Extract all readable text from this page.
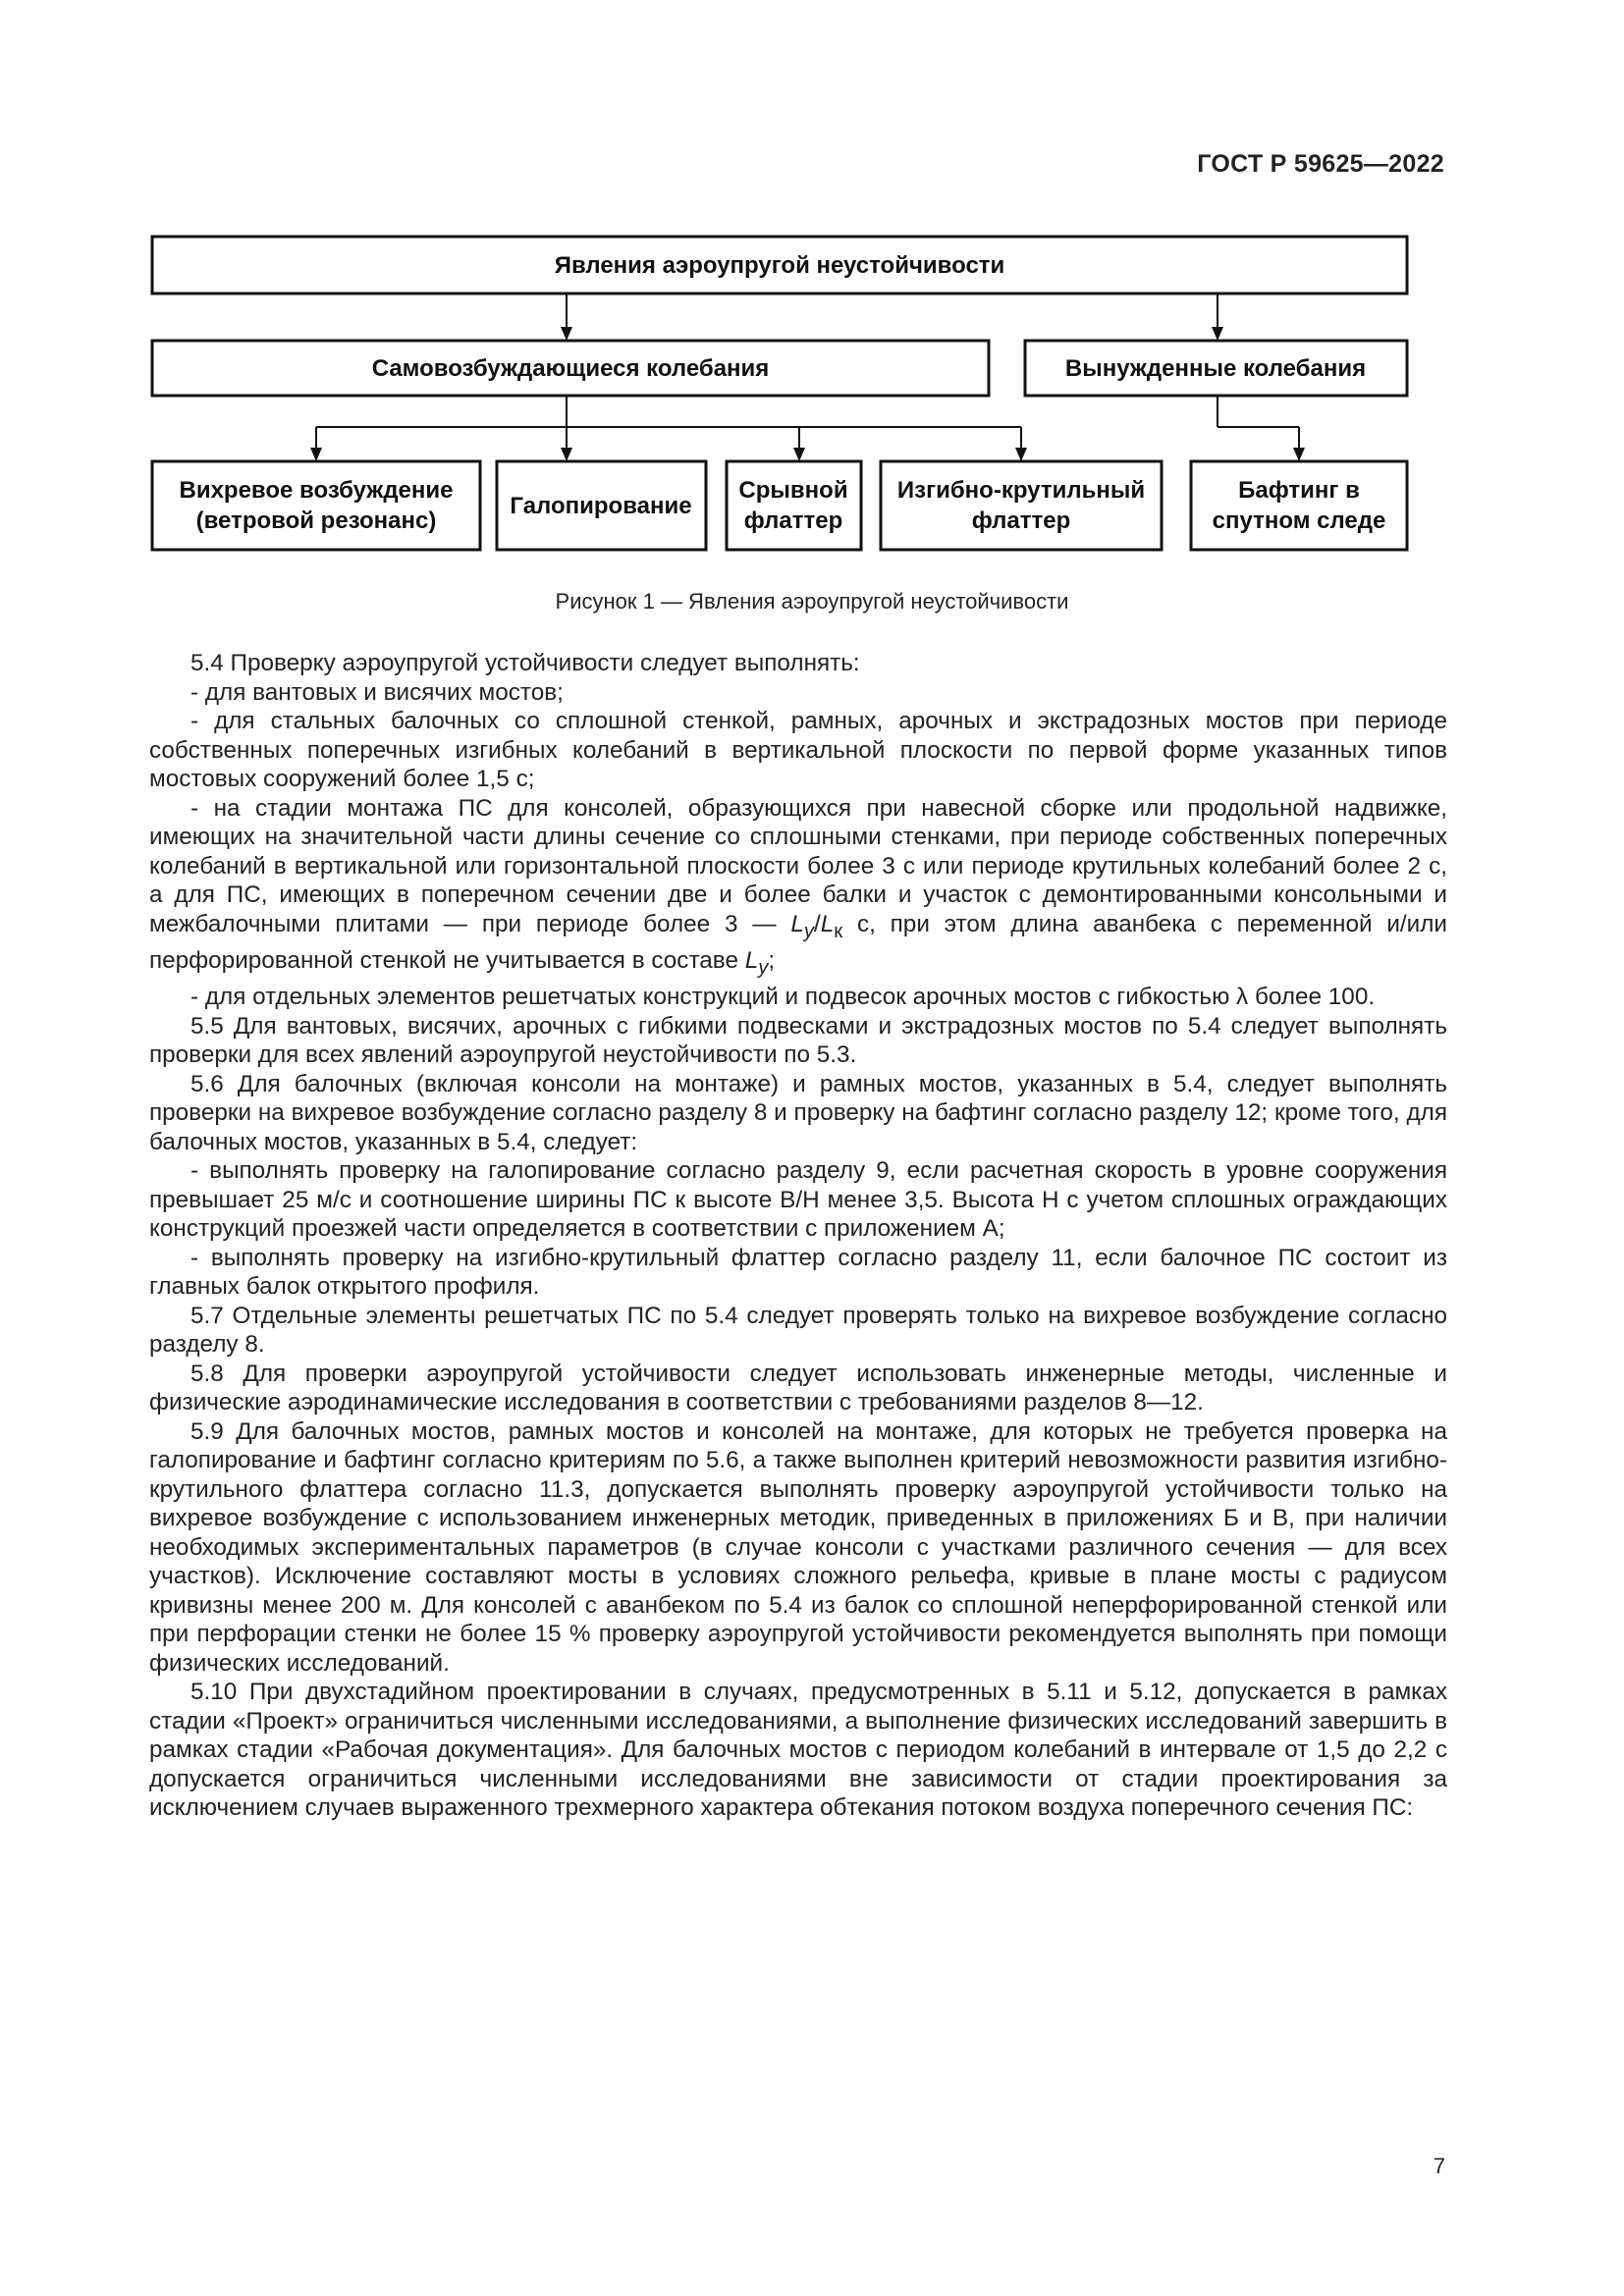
ГОСТ Р 59625—2022
Явления аэроупругой неустойчивости
Самовозбуждающиеся колебания	Вынужденные колебания
Вихревое возбуждение
(ветровой резонанс)
Галопирование
Срывной
флаттер
Изгибно-крутильный
флаттер
Бафтинг в
спутном следе
Рисунок 1 — Явления аэроупругой неустойчивости

5.4 Проверку аэроупругой устойчивости следует выполнять:

- для вантовых и висячих мостов;

- для стальных балочных со сплошной стенкой, рамных, арочных и экстрадозных мостов при периоде собственных поперечных изгибных колебаний в вертикальной плоскости по первой форме указанных типов мостовых сооружений более 1,5 с;

- на стадии монтажа ПС для консолей, образующихся при навесной сборке или продольной надвижке, имеющих на значительной части длины сечение со сплошными стенками, при периоде собственных поперечных колебаний в вертикальной или горизонтальной плоскости более 3 с или периоде крутильных колебаний более 2 с, а для ПС, имеющих в поперечном сечении две и более балки и участок с демонтированными консольными и межбалочными плитами — при периоде более 3 — $L_y/L_к$ с, при этом длина аванбека с переменной и/или перфорированной стенкой не учитывается в составе $L_y$;

- для отдельных элементов решетчатых конструкций и подвесок арочных мостов с гибкостью λ более 100.

5.5 Для вантовых, висячих, арочных с гибкими подвесками и экстрадозных мостов по 5.4 следует выполнять проверки для всех явлений аэроупругой неустойчивости по 5.3.

5.6 Для балочных (включая консоли на монтаже) и рамных мостов, указанных в 5.4, следует выполнять проверки на вихревое возбуждение согласно разделу 8 и проверку на бафтинг согласно разделу 12; кроме того, для балочных мостов, указанных в 5.4, следует:

- выполнять проверку на галопирование согласно разделу 9, если расчетная скорость в уровне сооружения превышает 25 м/с и соотношение ширины ПС к высоте B/H менее 3,5. Высота H с учетом сплошных ограждающих конструкций проезжей части определяется в соответствии с приложением А;

- выполнять проверку на изгибно-крутильный флаттер согласно разделу 11, если балочное ПС состоит из главных балок открытого профиля.

5.7 Отдельные элементы решетчатых ПС по 5.4 следует проверять только на вихревое возбуждение согласно разделу 8.

5.8 Для проверки аэроупругой устойчивости следует использовать инженерные методы, численные и физические аэродинамические исследования в соответствии с требованиями разделов 8—12.

5.9 Для балочных мостов, рамных мостов и консолей на монтаже, для которых не требуется проверка на галопирование и бафтинг согласно критериям по 5.6, а также выполнен критерий невозможности развития изгибно-крутильного флаттера согласно 11.3, допускается выполнять проверку аэроупругой устойчивости только на вихревое возбуждение с использованием инженерных методик, приведенных в приложениях Б и В, при наличии необходимых экспериментальных параметров (в случае консоли с участками различного сечения — для всех участков). Исключение составляют мосты в условиях сложного рельефа, кривые в плане мосты с радиусом кривизны менее 200 м. Для консолей с аванбеком по 5.4 из балок со сплошной неперфорированной стенкой или при перфорации стенки не более 15 % проверку аэроупругой устойчивости рекомендуется выполнять при помощи физических исследований.

5.10 При двухстадийном проектировании в случаях, предусмотренных в 5.11 и 5.12, допускается в рамках стадии «Проект» ограничиться численными исследованиями, а выполнение физических исследований завершить в рамках стадии «Рабочая документация». Для балочных мостов с периодом колебаний в интервале от 1,5 до 2,2 с допускается ограничиться численными исследованиями вне зависимости от стадии проектирования за исключением случаев выраженного трехмерного характера обтекания потоком воздуха поперечного сечения ПС:

7
